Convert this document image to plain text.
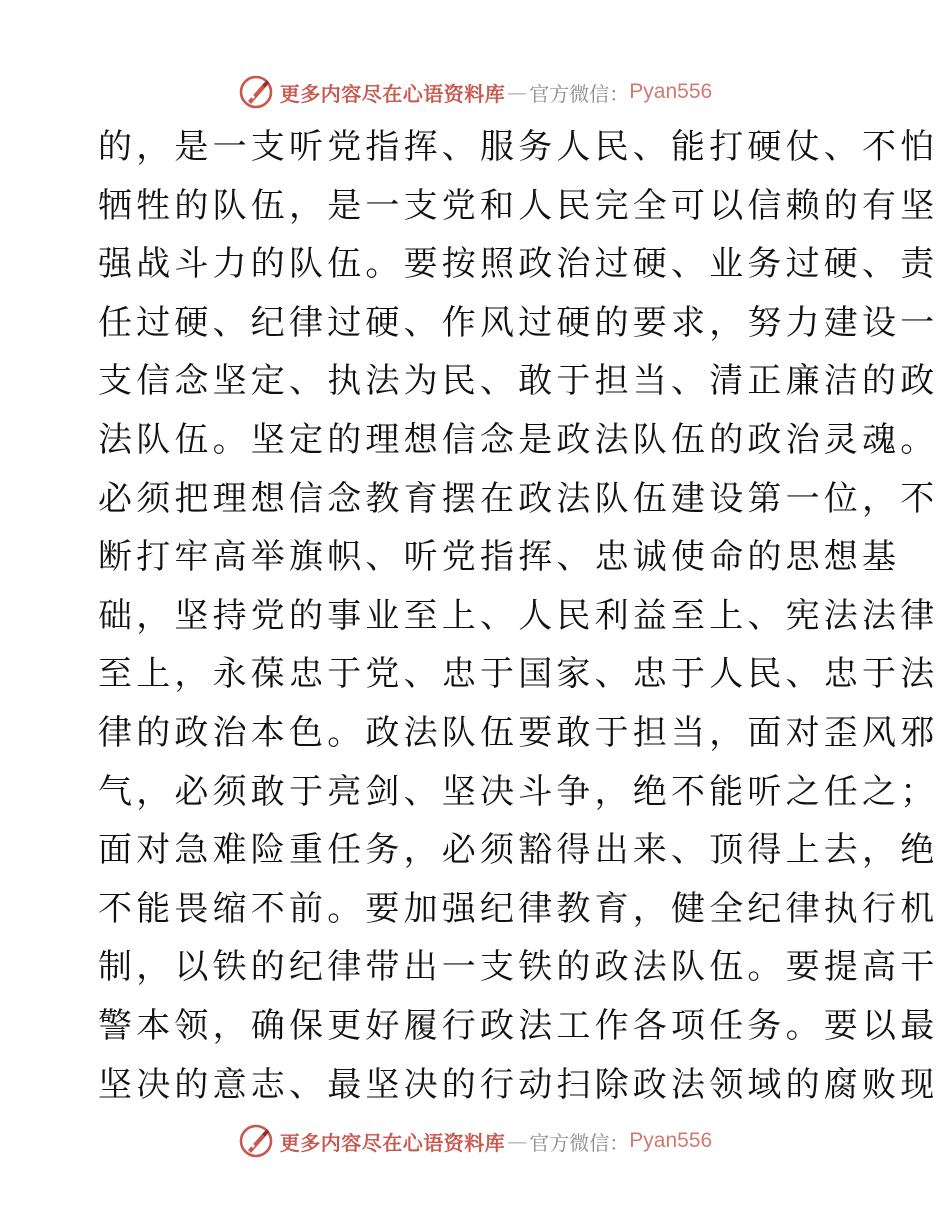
更多内容尽在心语资料库 — 官方微信： Pyan556
的，是一支听党指挥、服务人民、能打硬仗、不怕
牺牲的队伍，是一支党和人民完全可以信赖的有坚
强战斗力的队伍。要按照政治过硬、业务过硬、责
任过硬、纪律过硬、作风过硬的要求，努力建设一
支信念坚定、执法为民、敢于担当、清正廉洁的政
法队伍。坚定的理想信念是政法队伍的政治灵魂。
必须把理想信念教育摆在政法队伍建设第一位，不
断打牢高举旗帜、听党指挥、忠诚使命的思想基
础，坚持党的事业至上、人民利益至上、宪法法律
至上，永葆忠于党、忠于国家、忠于人民、忠于法
律的政治本色。政法队伍要敢于担当，面对歪风邪
气，必须敢于亮剑、坚决斗争，绝不能听之任之；
面对急难险重任务，必须豁得出来、顶得上去，绝
不能畏缩不前。要加强纪律教育，健全纪律执行机
制，以铁的纪律带出一支铁的政法队伍。要提高干
警本领，确保更好履行政法工作各项任务。要以最
坚决的意志、最坚决的行动扫除政法领域的腐败现
更多内容尽在心语资料库 — 官方微信： Pyan556
